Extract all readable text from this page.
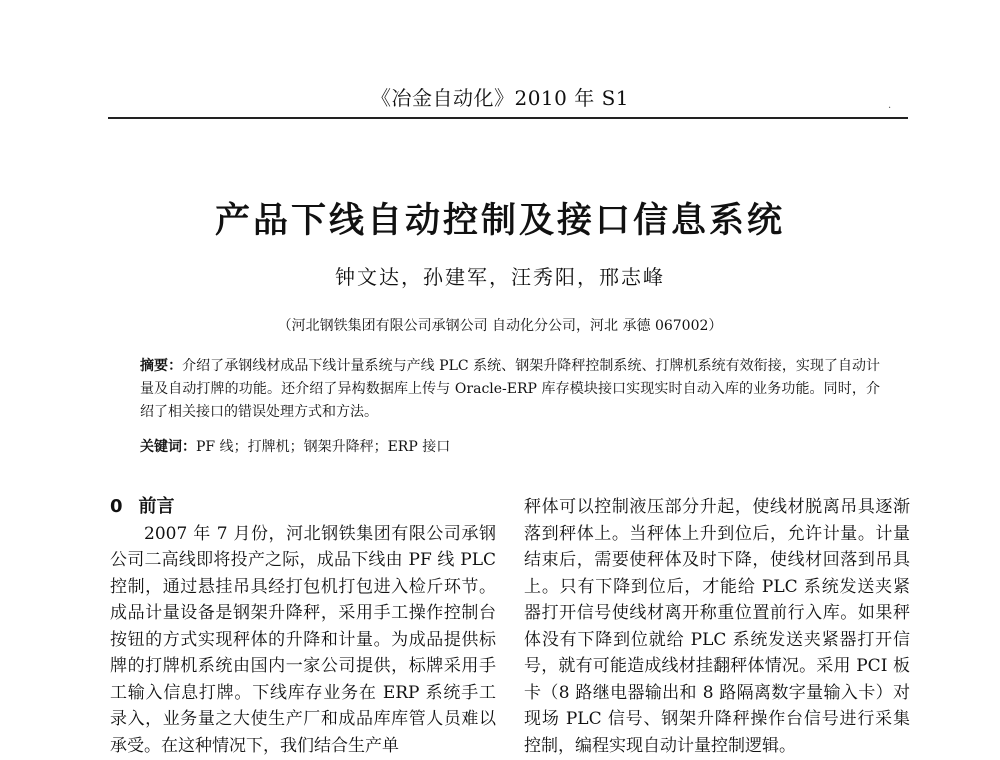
《冶金自动化》2010 年 S1	.
产品下线自动控制及接口信息系统
钟文达，孙建军，汪秀阳，邢志峰
（河北钢铁集团有限公司承钢公司 自动化分公司，河北 承德 067002）
摘要：介绍了承钢线材成品下线计量系统与产线 PLC 系统、钢架升降秤控制系统、打牌机系统有效衔接，实现了自动计量及自动打牌的功能。还介绍了异构数据库上传与 Oracle-ERP 库存模块接口实现实时自动入库的业务功能。同时，介绍了相关接口的错误处理方式和方法。
关键词：PF 线；打牌机；钢架升降秤；ERP 接口
0 前言

2007 年 7 月份，河北钢铁集团有限公司承钢公司二高线即将投产之际，成品下线由 PF 线 PLC 控制，通过悬挂吊具经打包机打包进入检斤环节。成品计量设备是钢架升降秤，采用手工操作控制台按钮的方式实现秤体的升降和计量。为成品提供标牌的打牌机系统由国内一家公司提供，标牌采用手工输入信息打牌。下线库存业务在 ERP 系统手工录入，业务量之大使生产厂和成品库库管人员难以承受。在这种情况下，我们结合生产单

秤体可以控制液压部分升起，使线材脱离吊具逐渐落到秤体上。当秤体上升到位后，允许计量。计量结束后，需要使秤体及时下降，使线材回落到吊具上。只有下降到位后，才能给 PLC 系统发送夹紧器打开信号使线材离开称重位置前行入库。如果秤体没有下降到位就给 PLC 系统发送夹紧器打开信号，就有可能造成线材挂翻秤体情况。采用 PCI 板卡（8 路继电器输出和 8 路隔离数字量输入卡）对现场 PLC 信号、钢架升降秤操作台信号进行采集控制，编程实现自动计量控制逻辑。
